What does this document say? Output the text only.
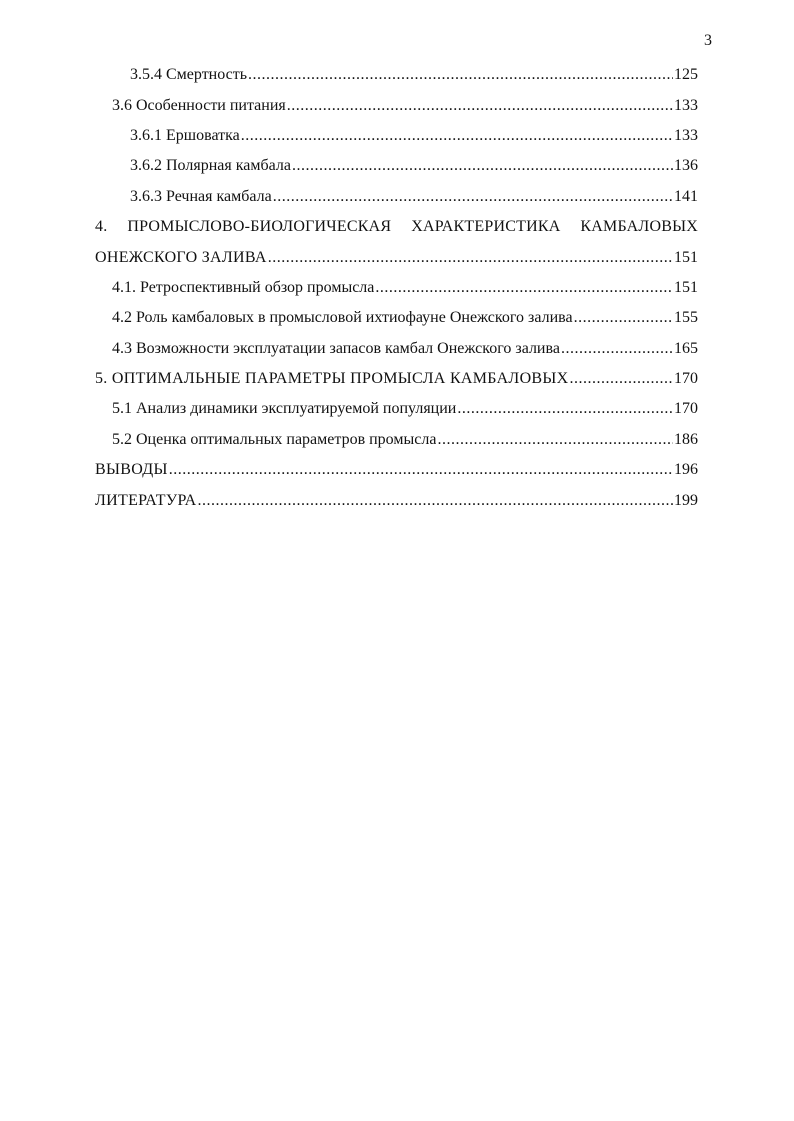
3
3.5.4 Смертность .....	125
3.6 Особенности питания .....	133
3.6.1 Ершоватка .....	133
3.6.2 Полярная камбала .....	136
3.6.3 Речная камбала .....	141
4. ПРОМЫСЛОВО-БИОЛОГИЧЕСКАЯ ХАРАКТЕРИСТИКА КАМБАЛОВЫХ
ОНЕЖСКОГО ЗАЛИВА .....	151
4.1. Ретроспективный обзор промысла .....	151
4.2 Роль камбаловых в промысловой ихтиофауне Онежского залива .....	155
4.3 Возможности эксплуатации запасов камбал Онежского залива .....	165
5. ОПТИМАЛЬНЫЕ ПАРАМЕТРЫ ПРОМЫСЛА КАМБАЛОВЫХ .....	170
5.1 Анализ динамики эксплуатируемой популяции .....	170
5.2 Оценка оптимальных параметров промысла .....	186
ВЫВОДЫ .....	196
ЛИТЕРАТУРА .....	199
